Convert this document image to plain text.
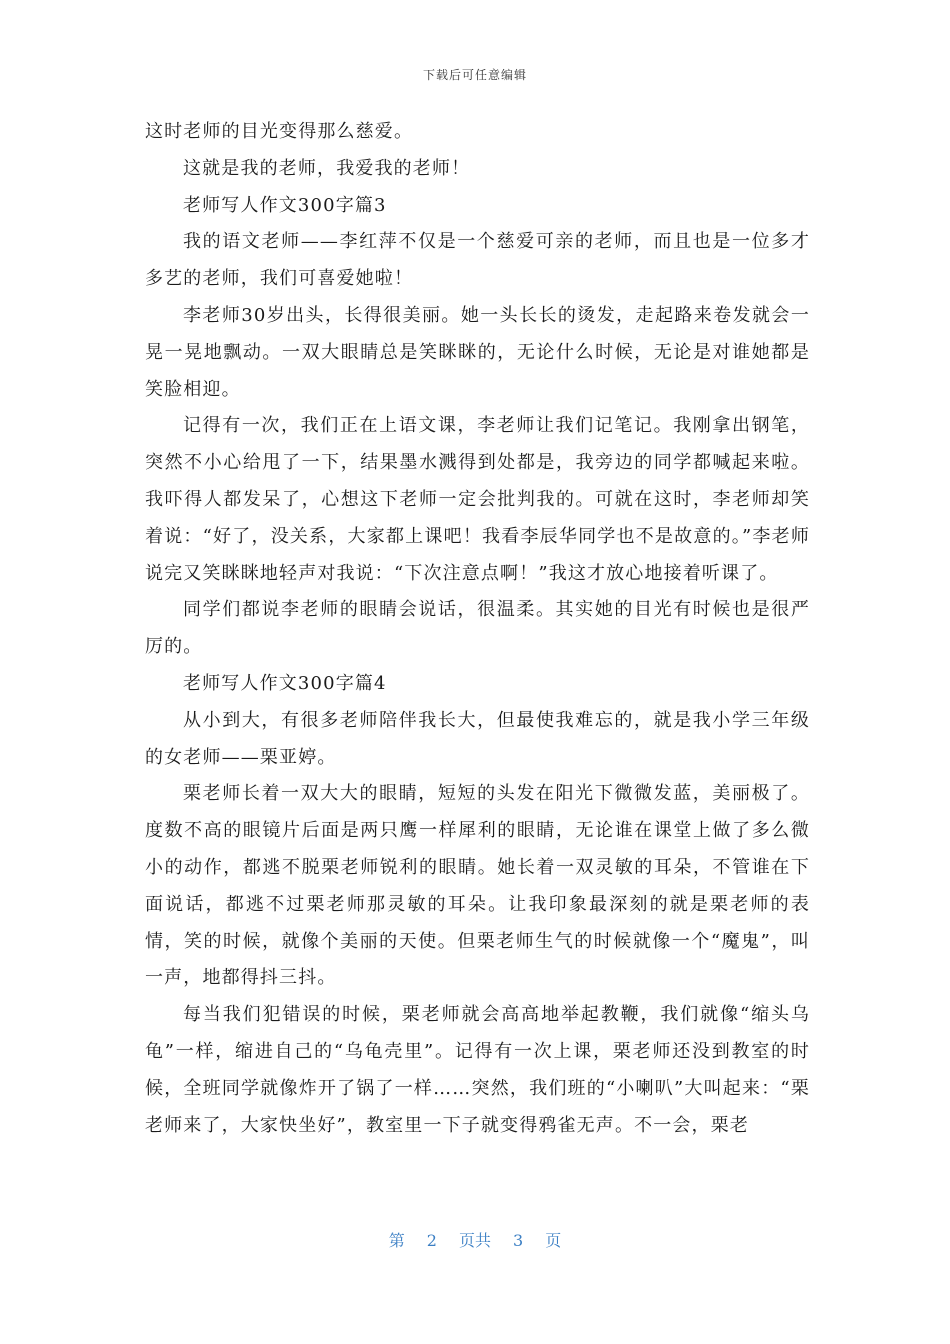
下载后可任意编辑

这时老师的目光变得那么慈爱。

这就是我的老师，我爱我的老师！

老师写人作文300字篇3

我的语文老师——李红萍不仅是一个慈爱可亲的老师，而且也是一位多才多艺的老师，我们可喜爱她啦！

李老师30岁出头，长得很美丽。她一头长长的烫发，走起路来卷发就会一晃一晃地飘动。一双大眼睛总是笑眯眯的，无论什么时候，无论是对谁她都是笑脸相迎。

记得有一次，我们正在上语文课，李老师让我们记笔记。我刚拿出钢笔，突然不小心给甩了一下，结果墨水溅得到处都是，我旁边的同学都喊起来啦。我吓得人都发呆了，心想这下老师一定会批判我的。可就在这时，李老师却笑着说：“好了，没关系，大家都上课吧！我看李辰华同学也不是故意的。”李老师说完又笑眯眯地轻声对我说：“下次注意点啊！”我这才放心地接着听课了。

同学们都说李老师的眼睛会说话，很温柔。其实她的目光有时候也是很严厉的。

老师写人作文300字篇4

从小到大，有很多老师陪伴我长大，但最使我难忘的，就是我小学三年级的女老师——栗亚婷。

栗老师长着一双大大的眼睛，短短的头发在阳光下微微发蓝，美丽极了。度数不高的眼镜片后面是两只鹰一样犀利的眼睛，无论谁在课堂上做了多么微小的动作，都逃不脱栗老师锐利的眼睛。她长着一双灵敏的耳朵，不管谁在下面说话，都逃不过栗老师那灵敏的耳朵。让我印象最深刻的就是栗老师的表情，笑的时候，就像个美丽的天使。但栗老师生气的时候就像一个“魔鬼”，叫一声，地都得抖三抖。

每当我们犯错误的时候，栗老师就会高高地举起教鞭，我们就像“缩头乌龟”一样，缩进自己的“乌龟壳里”。记得有一次上课，栗老师还没到教室的时候，全班同学就像炸开了锅了一样……突然，我们班的“小喇叭”大叫起来：“栗老师来了，大家快坐好”，教室里一下子就变得鸦雀无声。不一会，栗老

第 2 页共 3 页
